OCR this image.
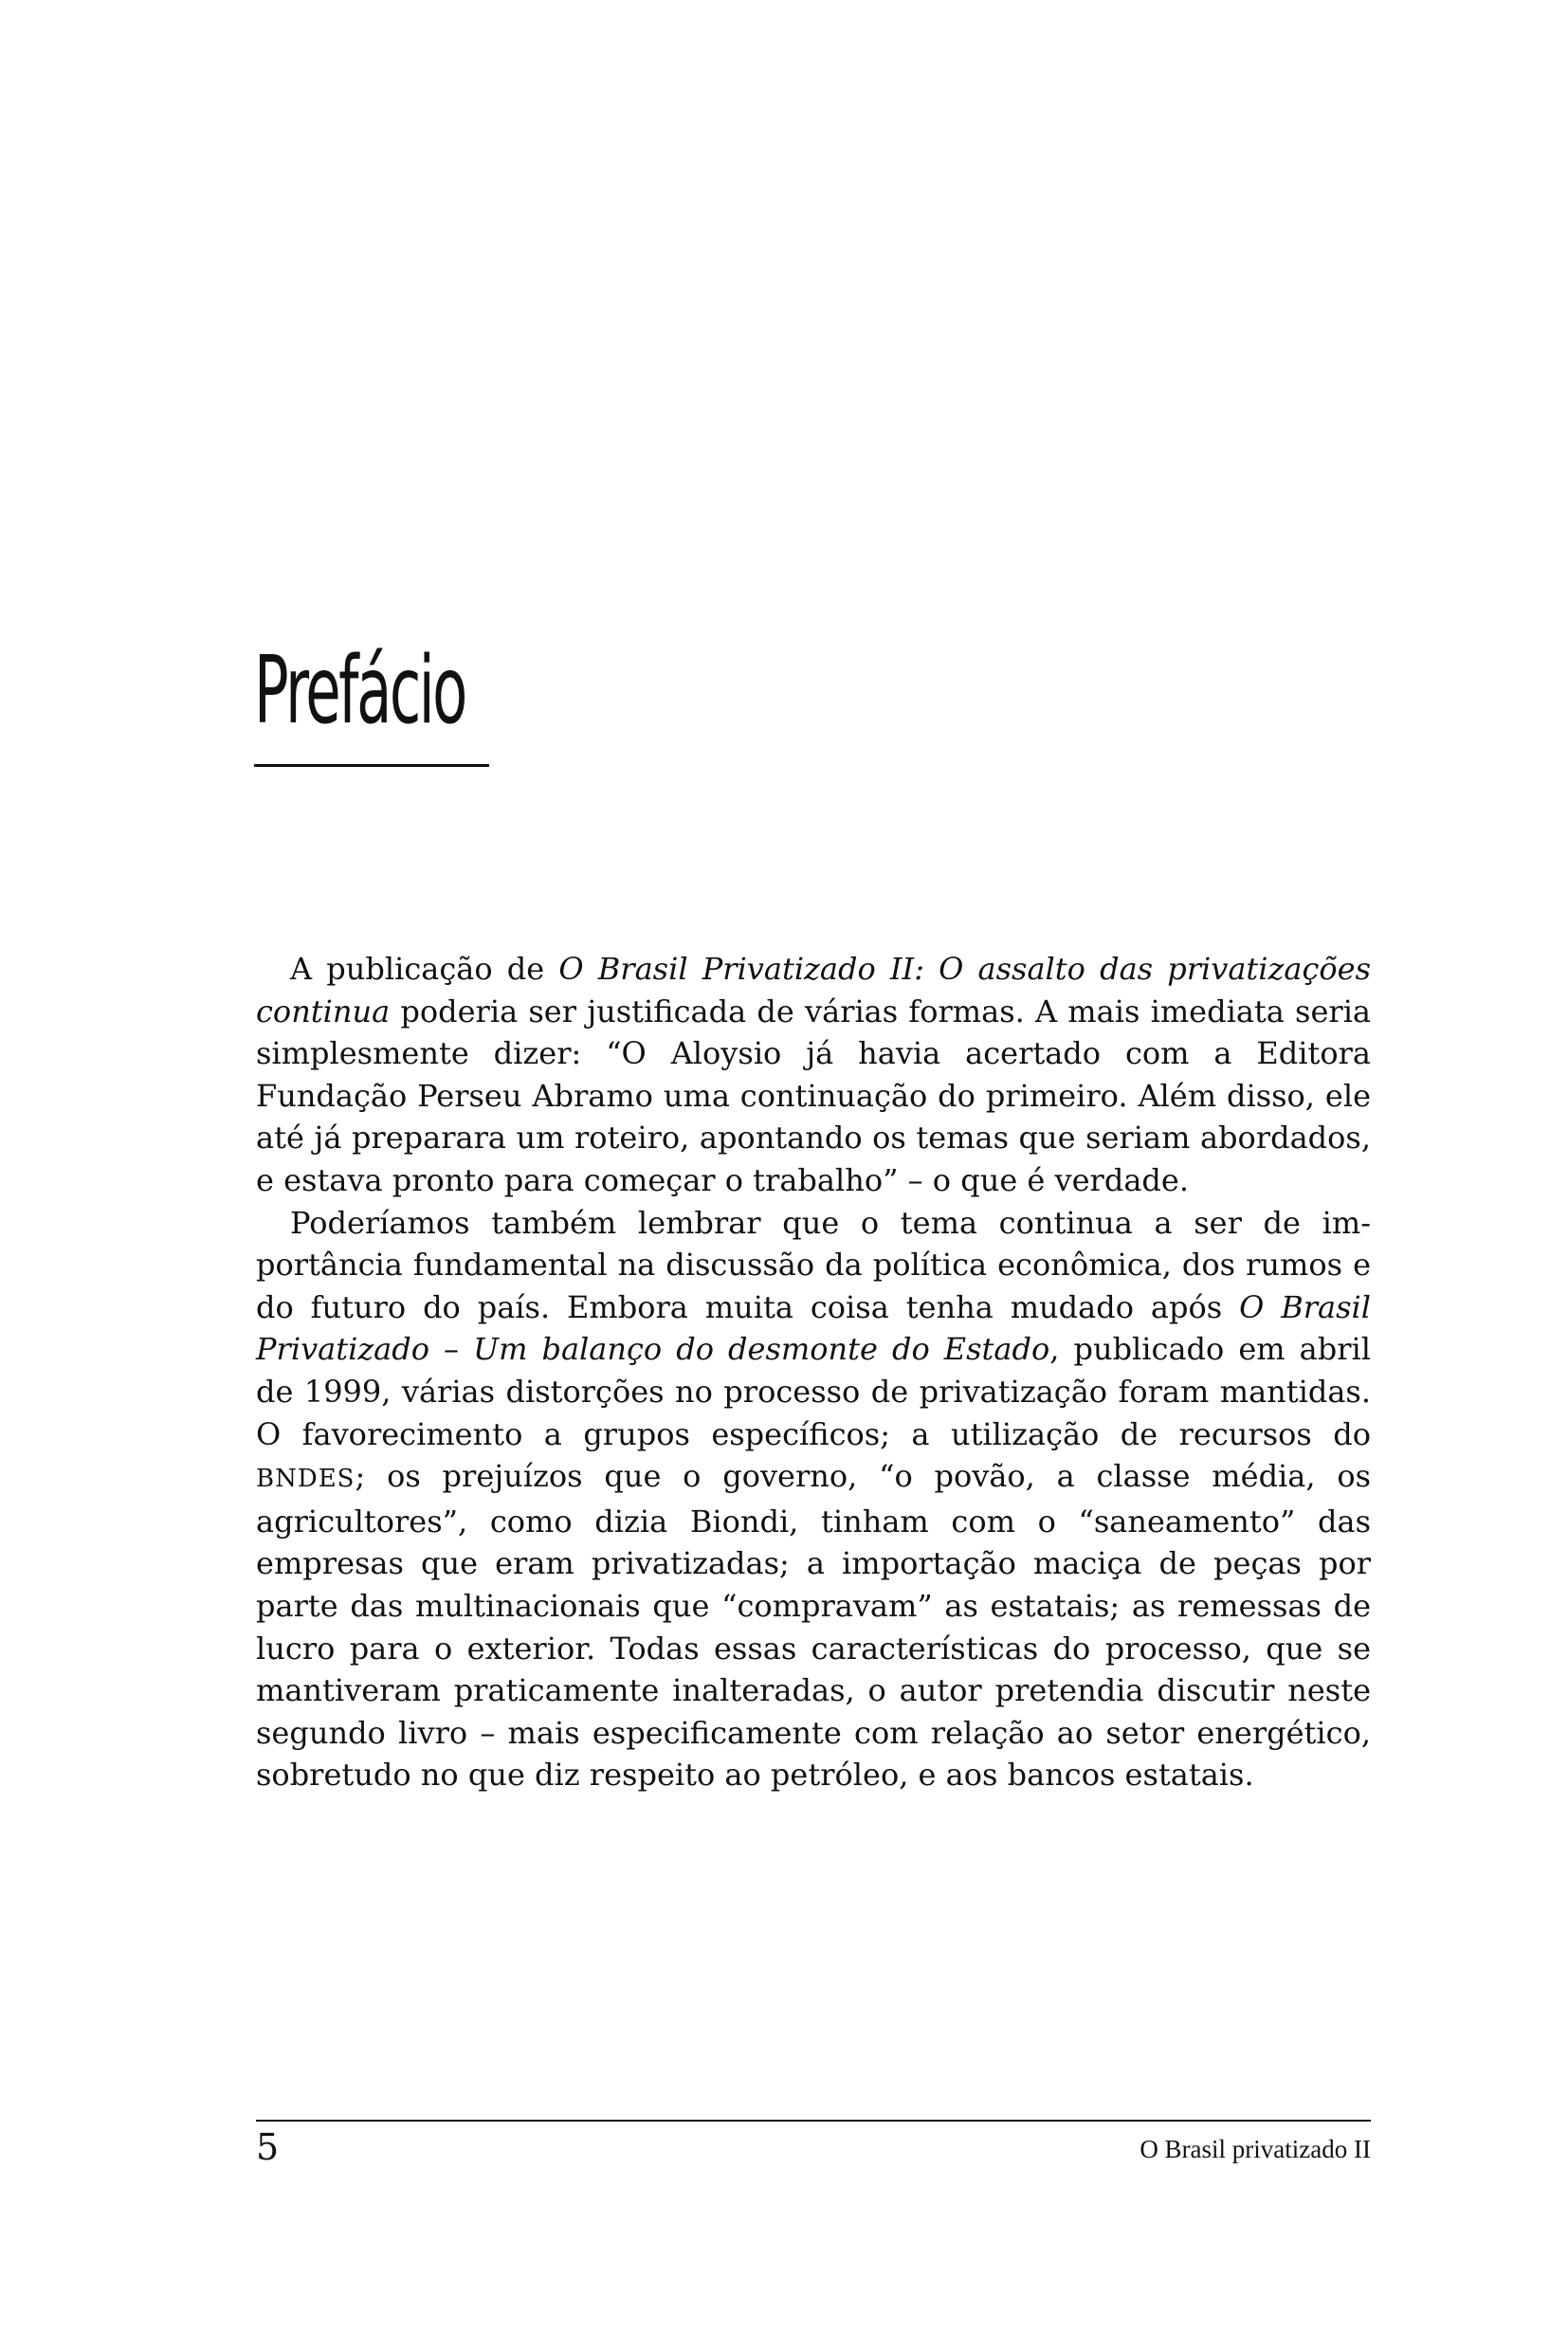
Prefácio

A publicação de O Brasil Privatizado II: O assalto das privatizações continua poderia ser justificada de várias formas. A mais imediata seria simplesmente dizer: “O Aloysio já havia acertado com a Editora Fundação Perseu Abramo uma continuação do primeiro. Além disso, ele até já preparara um roteiro, apontando os temas que seriam abordados, e estava pronto para começar o trabalho” – o que é verdade.

Poderíamos também lembrar que o tema continua a ser de importância fundamental na discussão da política econômica, dos rumos e do futuro do país. Embora muita coisa tenha mudado após O Brasil Privatizado – Um balanço do desmonte do Estado, publicado em abril de 1999, várias distorções no processo de privatização foram mantidas. O favorecimento a grupos específicos; a utilização de recursos do BNDES; os prejuízos que o governo, “o povão, a classe média, os agricultores”, como dizia Biondi, tinham com o “saneamento” das empresas que eram privatizadas; a importação maciça de peças por parte das multinacionais que “compravam” as estatais; as remessas de lucro para o exterior. Todas essas características do processo, que se mantiveram praticamente inalteradas, o autor pretendia discutir neste segundo livro – mais especificamente com relação ao setor energético, sobretudo no que diz respeito ao petróleo, e aos bancos estatais.

5	O Brasil privatizado II
